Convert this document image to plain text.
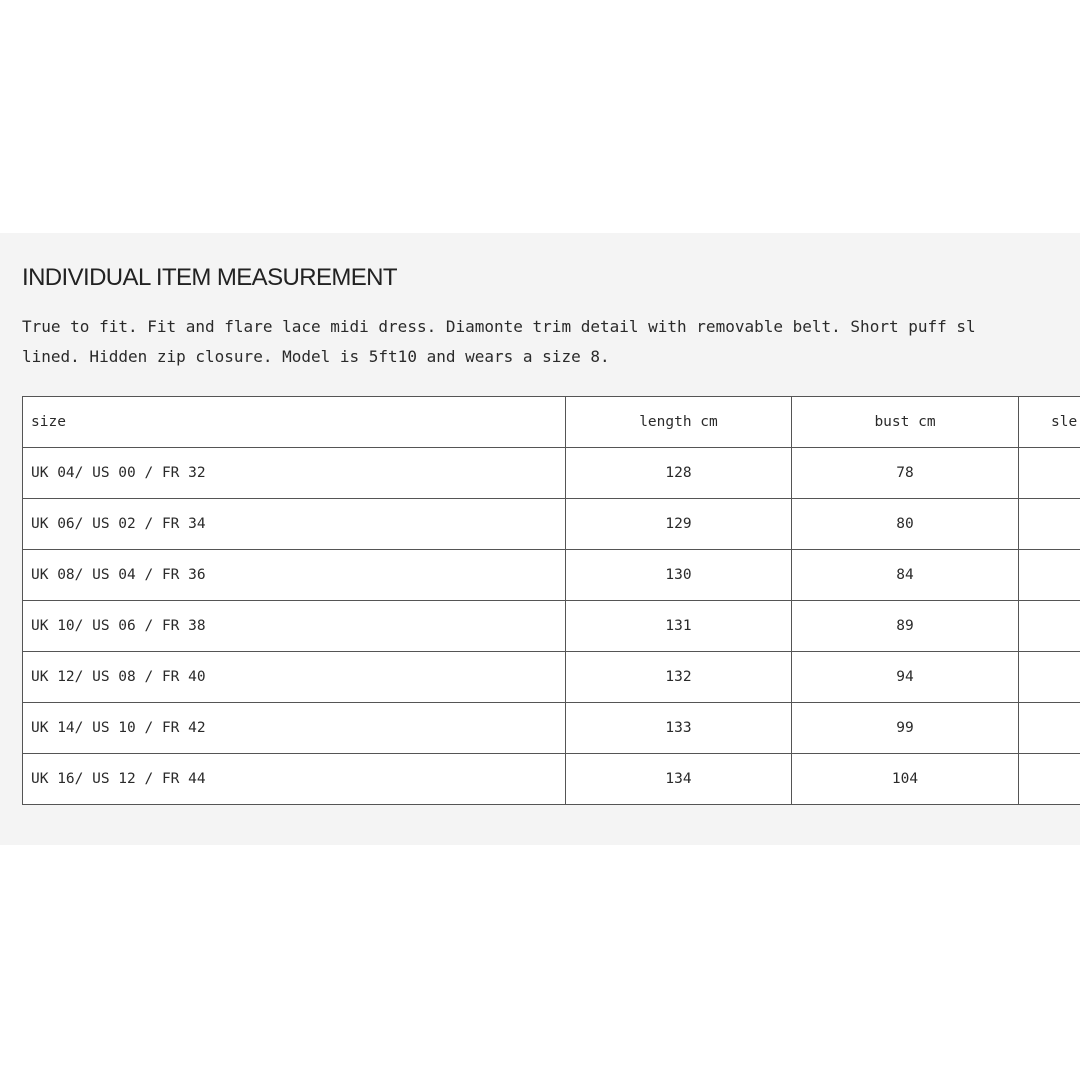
INDIVIDUAL ITEM MEASUREMENT
True to fit. Fit and flare lace midi dress. Diamonte trim detail with removable belt. Short puff sl
lined. Hidden zip closure. Model is 5ft10 and wears a size 8.
size	length cm	bust cm	sle
UK 04/ US 00 / FR 32	128	78	
UK 06/ US 02 / FR 34	129	80	
UK 08/ US 04 / FR 36	130	84	
UK 10/ US 06 / FR 38	131	89	
UK 12/ US 08 / FR 40	132	94	
UK 14/ US 10 / FR 42	133	99	
UK 16/ US 12 / FR 44	134	104	
